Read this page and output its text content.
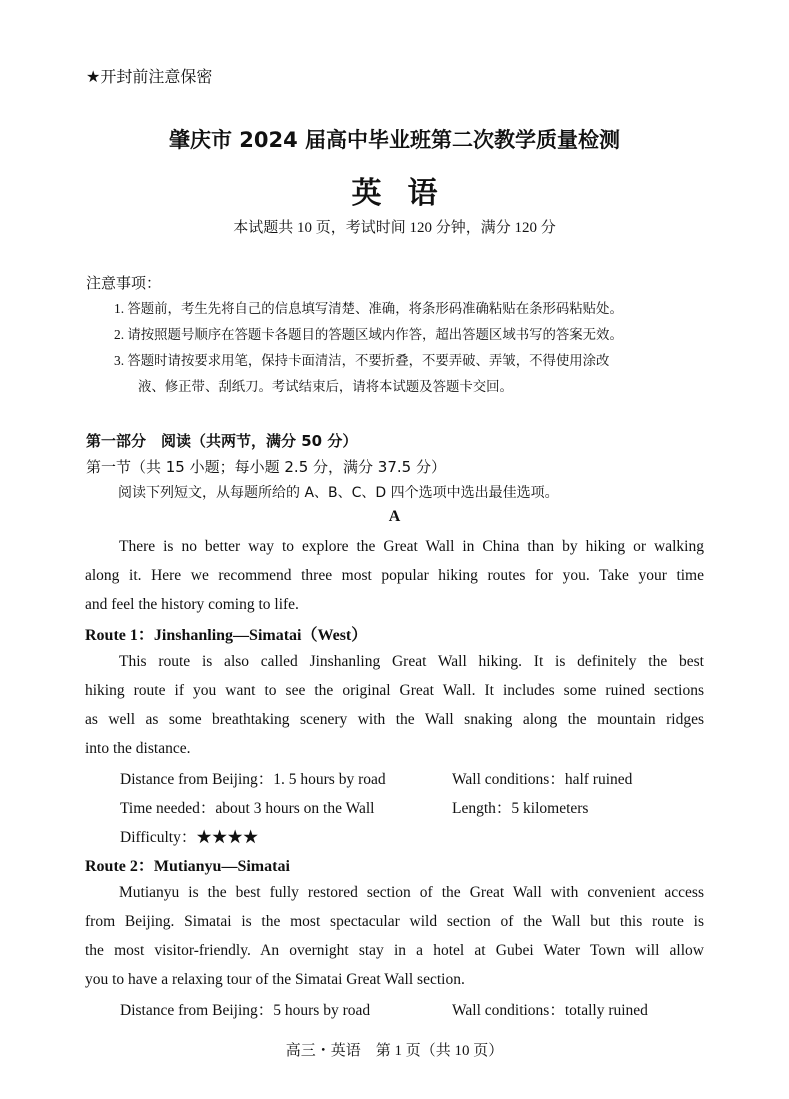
★开封前注意保密
肇庆市 2024 届高中毕业班第二次教学质量检测
英语
本试题共 10 页，考试时间 120 分钟，满分 120 分
注意事项：
1. 答题前，考生先将自己的信息填写清楚、准确，将条形码准确粘贴在条形码粘贴处。
2. 请按照题号顺序在答题卡各题目的答题区域内作答，超出答题区域书写的答案无效。
3. 答题时请按要求用笔，保持卡面清洁，不要折叠，不要弄破、弄皱，不得使用涂改
液、修正带、刮纸刀。考试结束后，请将本试题及答题卡交回。
第一部分　阅读（共两节，满分 50 分）
第一节（共 15 小题；每小题 2.5 分，满分 37.5 分）
阅读下列短文，从每题所给的 A、B、C、D 四个选项中选出最佳选项。
A
There is no better way to explore the Great Wall in China than by hiking or walking
along it. Here we recommend three most popular hiking routes for you. Take your time
and feel the history coming to life.
Route 1：Jinshanling—Simatai（West）
This route is also called Jinshanling Great Wall hiking. It is definitely the best
hiking route if you want to see the original Great Wall. It includes some ruined sections
as well as some breathtaking scenery with the Wall snaking along the mountain ridges
into the distance.
Distance from Beijing：1. 5 hours by road	Wall conditions：half ruined
Time needed：about 3 hours on the Wall	Length：5 kilometers
Difficulty：★★★★
Route 2：Mutianyu—Simatai
Mutianyu is the best fully restored section of the Great Wall with convenient access
from Beijing. Simatai is the most spectacular wild section of the Wall but this route is
the most visitor-friendly. An overnight stay in a hotel at Gubei Water Town will allow
you to have a relaxing tour of the Simatai Great Wall section.
Distance from Beijing：5 hours by road	Wall conditions：totally ruined
高三・英语　第 1 页（共 10 页）
